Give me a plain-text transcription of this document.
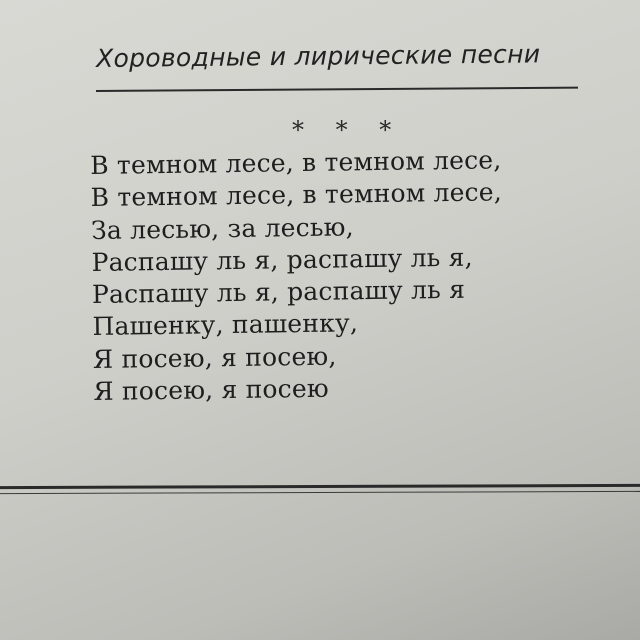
Хороводные и лирические песни
* * *
В темном лесе, в темном лесе,
В темном лесе, в темном лесе,
За лесью, за лесью,
Распашу ль я, распашу ль я,
Распашу ль я, распашу ль я
Пашенку, пашенку,
Я посею, я посею,
Я посею, я посею
